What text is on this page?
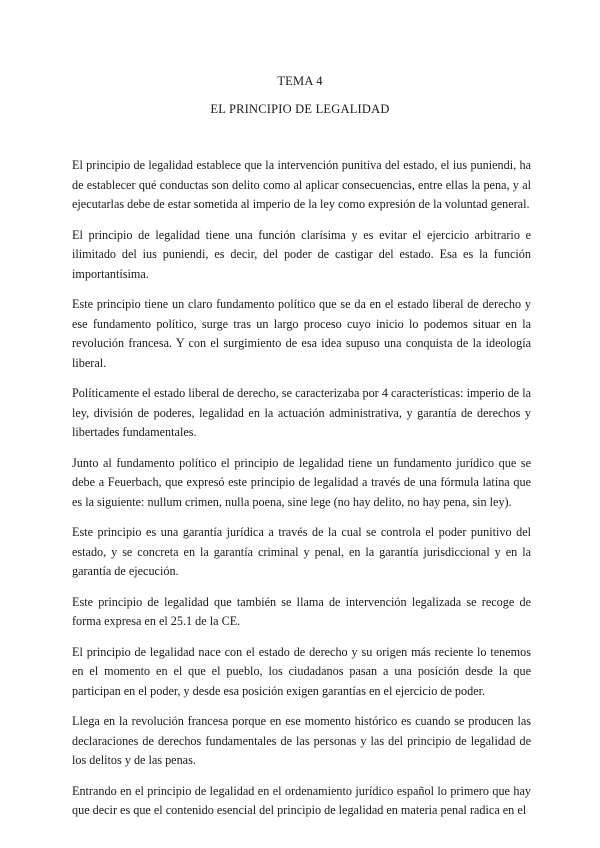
TEMA 4
EL PRINCIPIO DE LEGALIDAD

El principio de legalidad establece que la intervención punitiva del estado, el ius puniendi, ha de establecer qué conductas son delito como al aplicar consecuencias, entre ellas la pena, y al ejecutarlas debe de estar sometida al imperio de la ley como expresión de la voluntad general.

El principio de legalidad tiene una función clarísima y es evitar el ejercicio arbitrario e ilimitado del ius puniendi, es decir, del poder de castigar del estado. Esa es la función importantísima.

Este principio tiene un claro fundamento político que se da en el estado liberal de derecho y ese fundamento político, surge tras un largo proceso cuyo inicio lo podemos situar en la revolución francesa. Y con el surgimiento de esa idea supuso una conquista de la ideología liberal.

Políticamente el estado liberal de derecho, se caracterizaba por 4 características: imperio de la ley, división de poderes, legalidad en la actuación administrativa, y garantía de derechos y libertades fundamentales.

Junto al fundamento político el principio de legalidad tiene un fundamento jurídico que se debe a Feuerbach, que expresó este principio de legalidad a través de una fórmula latina que es la siguiente: nullum crimen, nulla poena, sine lege (no hay delito, no hay pena, sin ley).

Este principio es una garantía jurídica a través de la cual se controla el poder punitivo del estado, y se concreta en la garantía criminal y penal, en la garantía jurisdiccional y en la garantía de ejecución.

Este principio de legalidad que también se llama de intervención legalizada se recoge de forma expresa en el 25.1 de la CE.

El principio de legalidad nace con el estado de derecho y su origen más reciente lo tenemos en el momento en el que el pueblo, los ciudadanos pasan a una posición desde la que participan en el poder, y desde esa posición exigen garantías en el ejercicio de poder.

Llega en la revolución francesa porque en ese momento histórico es cuando se producen las declaraciones de derechos fundamentales de las personas y las del principio de legalidad de los delitos y de las penas.

Entrando en el principio de legalidad en el ordenamiento jurídico español lo primero que hay que decir es que el contenido esencial del principio de legalidad en materia penal radica en el
